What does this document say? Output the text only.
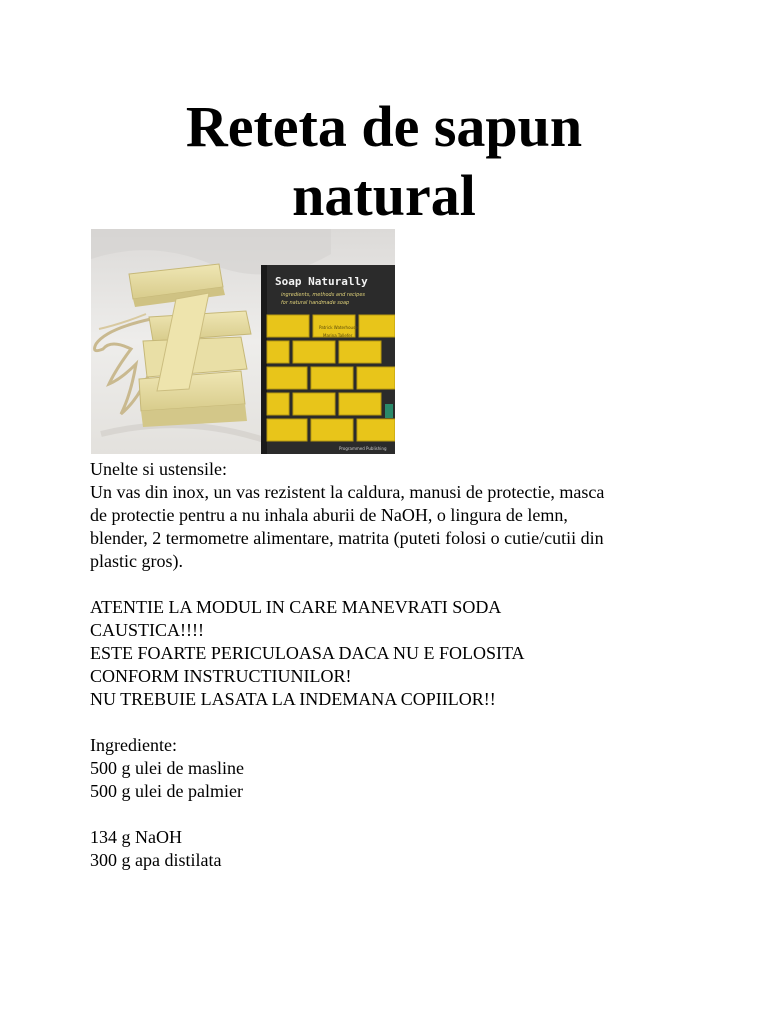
Reteta de sapun
natural
Soap Naturally
ingredients, methods and recipes
for natural handmade soap
Patrick Waterhouse
Marina Tallefer
Programmed Publishing

Unelte si ustensile:

Un vas din inox, un vas rezistent la caldura, manusi de protectie, masca

de protectie pentru a nu inhala aburii de NaOH, o lingura de lemn,

blender, 2 termometre alimentare, matrita (puteti folosi o cutie/cutii din

plastic gros).

ATENTIE LA MODUL IN CARE MANEVRATI SODA

CAUSTICA!!!!

ESTE FOARTE PERICULOASA DACA NU E FOLOSITA

CONFORM INSTRUCTIUNILOR!

NU TREBUIE LASATA LA INDEMANA COPIILOR!!

Ingrediente:

500 g ulei de masline

500 g ulei de palmier

134 g NaOH

300 g apa distilata
